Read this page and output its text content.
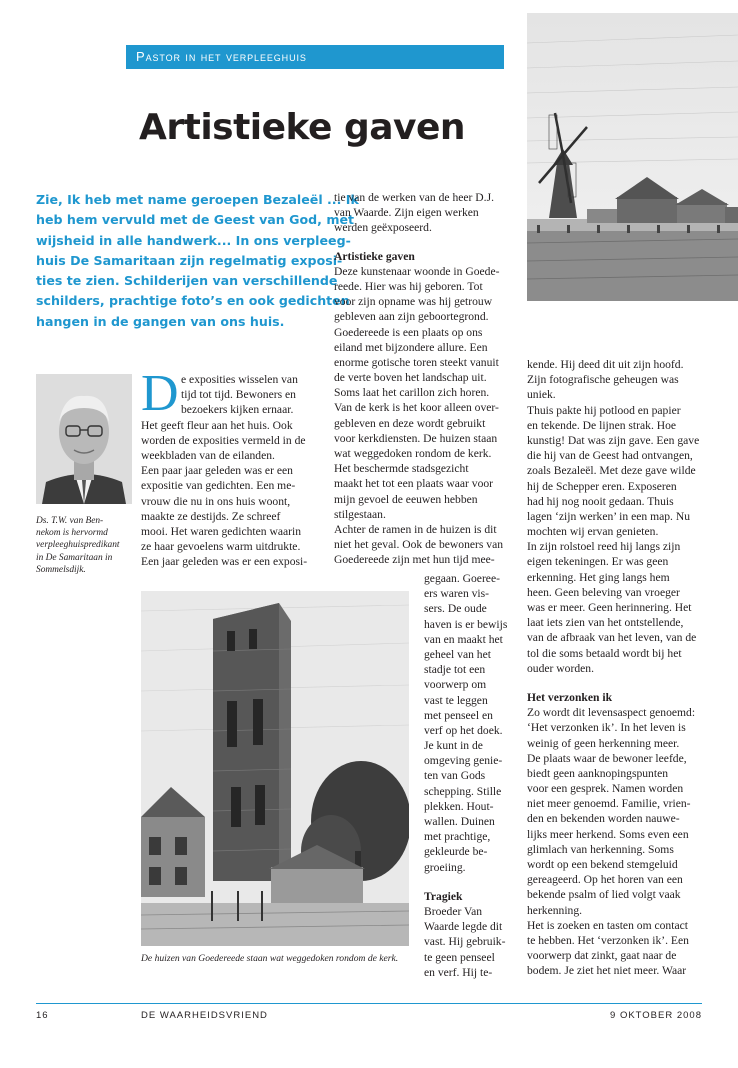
Pastor in het verpleeghuis
Artistieke gaven
Zie, Ik heb met name geroepen Bezaleël ... Ik
heb hem vervuld met de Geest van God, met
wijsheid in alle handwerk... In ons verpleeg-
huis De Samaritaan zijn regelmatig exposi-
ties te zien. Schilderijen van verschillende
schilders, prachtige foto’s en ook gedichten
hangen in de gangen van ons huis.
Ds. T.W. van Ben-
nekom is hervormd
verpleeghuispredikant
in De Samaritaan in
Sommelsdijk.
D e exposities wisselen van
tijd tot tijd. Bewoners en
bezoekers kijken ernaar.
Het geeft fleur aan het huis. Ook
worden de exposities vermeld in de
weekbladen van de eilanden.
Een paar jaar geleden was er een
expositie van gedichten. Een me-
vrouw die nu in ons huis woont,
maakte ze destijds. Ze schreef
mooi. Het waren gedichten waarin
ze haar gevoelens warm uitdrukte.
Een jaar geleden was er een exposi-
De huizen van Goedereede staan wat weggedoken rondom de kerk.
tie van de werken van de heer D.J.
van Waarde. Zijn eigen werken
werden geëxposeerd.
Artistieke gaven
Deze kunstenaar woonde in Goede-
reede. Hier was hij geboren. Tot
voor zijn opname was hij getrouw
gebleven aan zijn geboortegrond.
Goedereede is een plaats op ons
eiland met bijzondere allure. Een
enorme gotische toren steekt vanuit
de verte boven het landschap uit.
Soms laat het carillon zich horen.
Van de kerk is het koor alleen over-
gebleven en deze wordt gebruikt
voor kerkdiensten. De huizen staan
wat weggedoken rondom de kerk.
Het beschermde stadsgezicht
maakt het tot een plaats waar voor
mijn gevoel de eeuwen hebben
stilgestaan.
Achter de ramen in de huizen is dit
niet het geval. Ook de bewoners van
Goedereede zijn met hun tijd mee-
gegaan. Goeree-
ers waren vis-
sers. De oude
haven is er bewijs
van en maakt het
geheel van het
stadje tot een
voorwerp om
vast te leggen
met penseel en
verf op het doek.
Je kunt in de
omgeving genie-
ten van Gods
schepping. Stille
plekken. Hout-
wallen. Duinen
met prachtige,
gekleurde be-
groeiing.
Tragiek
Broeder Van
Waarde legde dit
vast. Hij gebruik-
te geen penseel
en verf. Hij te-
kende. Hij deed dit uit zijn hoofd.
Zijn fotografische geheugen was
uniek.
Thuis pakte hij potlood en papier
en tekende. De lijnen strak. Hoe
kunstig! Dat was zijn gave. Een gave
die hij van de Geest had ontvangen,
zoals Bezaleël. Met deze gave wilde
hij de Schepper eren. Exposeren
had hij nog nooit gedaan. Thuis
lagen ‘zijn werken’ in een map. Nu
mochten wij ervan genieten.
In zijn rolstoel reed hij langs zijn
eigen tekeningen. Er was geen
erkenning. Het ging langs hem
heen. Geen beleving van vroeger
was er meer. Geen herinnering. Het
laat iets zien van het ontstellende,
van de afbraak van het leven, van de
tol die soms betaald wordt bij het
ouder worden.
Het verzonken ik
Zo wordt dit levensaspect genoemd:
‘Het verzonken ik’. In het leven is
weinig of geen herkenning meer.
De plaats waar de bewoner leefde,
biedt geen aanknopingspunten
voor een gesprek. Namen worden
niet meer genoemd. Familie, vrien-
den en bekenden worden nauwe-
lijks meer herkend. Soms even een
glimlach van herkenning. Soms
wordt op een bekend stemgeluid
gereageerd. Op het horen van een
bekende psalm of lied volgt vaak
herkenning.
Het is zoeken en tasten om contact
te hebben. Het ‘verzonken ik’. Een
voorwerp dat zinkt, gaat naar de
bodem. Je ziet het niet meer. Waar
16	DE WAARHEIDSVRIEND	9 OKTOBER 2008
